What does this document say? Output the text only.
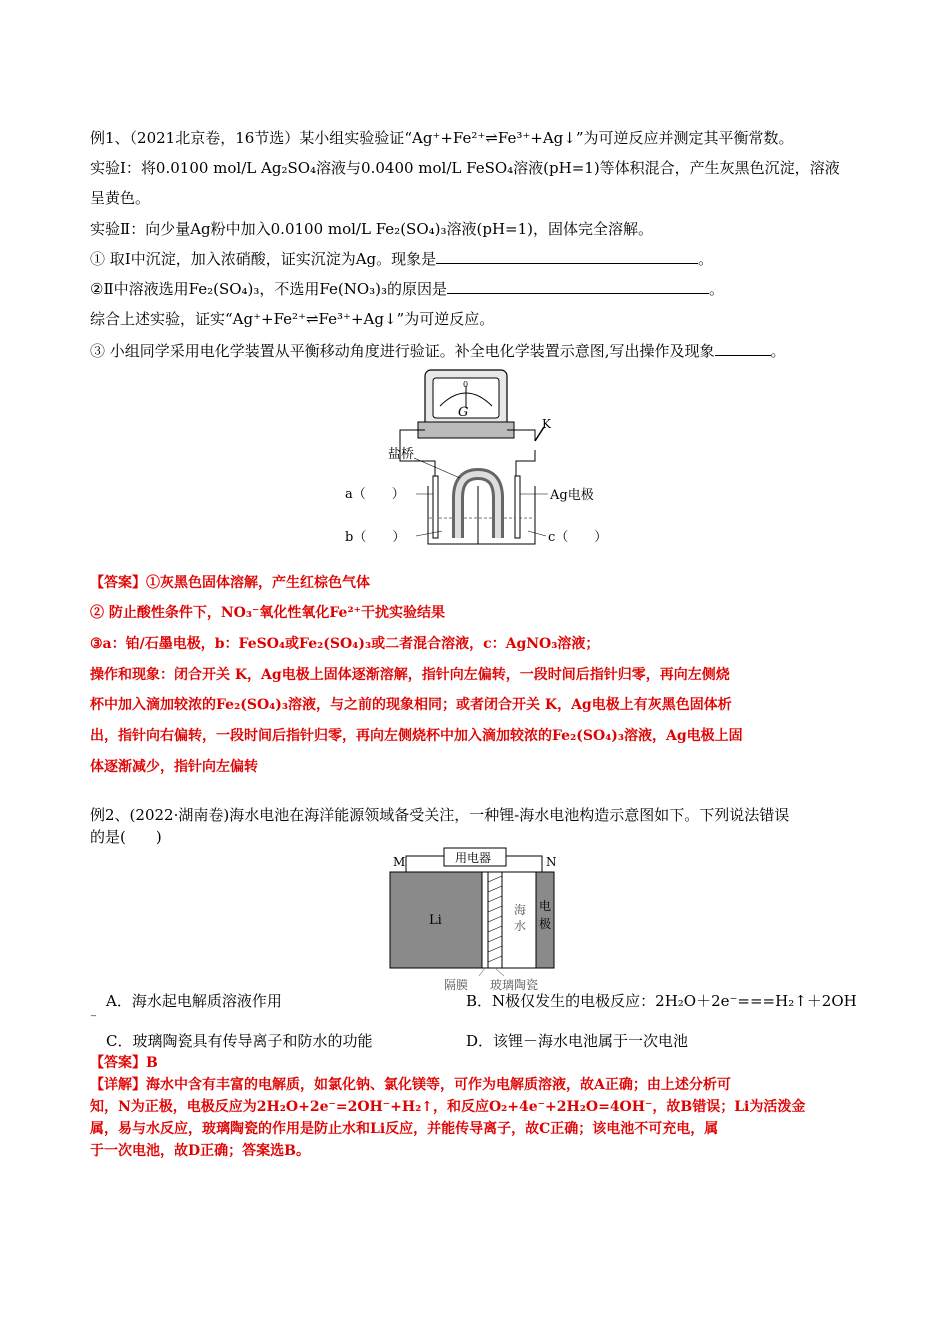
例1、（2021北京卷，16节选）某小组实验验证“Ag⁺+Fe²⁺⇌Fe³⁺+Ag↓”为可逆反应并测定其平衡常数。
实验Ⅰ：将0.0100 mol/L Ag₂SO₄溶液与0.0400 mol/L FeSO₄溶液(pH=1)等体积混合，产生灰黑色沉淀，溶液
呈黄色。
实验Ⅱ：向少量Ag粉中加入0.0100 mol/L Fe₂(SO₄)₃溶液(pH=1)，固体完全溶解。
① 取Ⅰ中沉淀，加入浓硝酸，证实沉淀为Ag。现象是	。
②Ⅱ中溶液选用Fe₂(SO₄)₃，不选用Fe(NO₃)₃的原因是	。
综合上述实验，证实“Ag⁺+Fe²⁺⇌Fe³⁺+Ag↓”为可逆反应。
③ 小组同学采用电化学装置从平衡移动角度进行验证。补全电化学装置示意图,写出操作及现象	。
0
G
K
盐桥
a（　　）
b（　　）
Ag电极
c（　　）
【答案】①灰黑色固体溶解，产生红棕色气体
② 防止酸性条件下，NO₃⁻氧化性氧化Fe²⁺干扰实验结果
③a：铂/石墨电极，b：FeSO₄或Fe₂(SO₄)₃或二者混合溶液，c：AgNO₃溶液；
操作和现象：闭合开关 K，Ag电极上固体逐渐溶解，指针向左偏转，一段时间后指针归零，再向左侧烧
杯中加入滴加较浓的Fe₂(SO₄)₃溶液，与之前的现象相同；或者闭合开关 K，Ag电极上有灰黑色固体析
出，指针向右偏转，一段时间后指针归零，再向左侧烧杯中加入滴加较浓的Fe₂(SO₄)₃溶液，Ag电极上固
体逐渐减少，指针向左偏转
例2、(2022·湖南卷)海水电池在海洋能源领域备受关注，一种锂-海水电池构造示意图如下。下列说法错误
的是(　　)
用电器
M	N
Li
海
水
电
极
隔膜 玻璃陶瓷
A．海水起电解质溶液作用	B．N极仅发生的电极反应：2H₂O＋2e⁻===H₂↑＋2OH
⁻
C．玻璃陶瓷具有传导离子和防水的功能	D．该锂－海水电池属于一次电池
【答案】B
【详解】海水中含有丰富的电解质，如氯化钠、氯化镁等，可作为电解质溶液，故A正确；由上述分析可
知，N为正极，电极反应为2H₂O+2e⁻=2OH⁻+H₂↑，和反应O₂+4e⁻+2H₂O=4OH⁻，故B错误；Li为活泼金
属，易与水反应，玻璃陶瓷的作用是防止水和Li反应，并能传导离子，故C正确；该电池不可充电，属
于一次电池，故D正确；答案选B。
